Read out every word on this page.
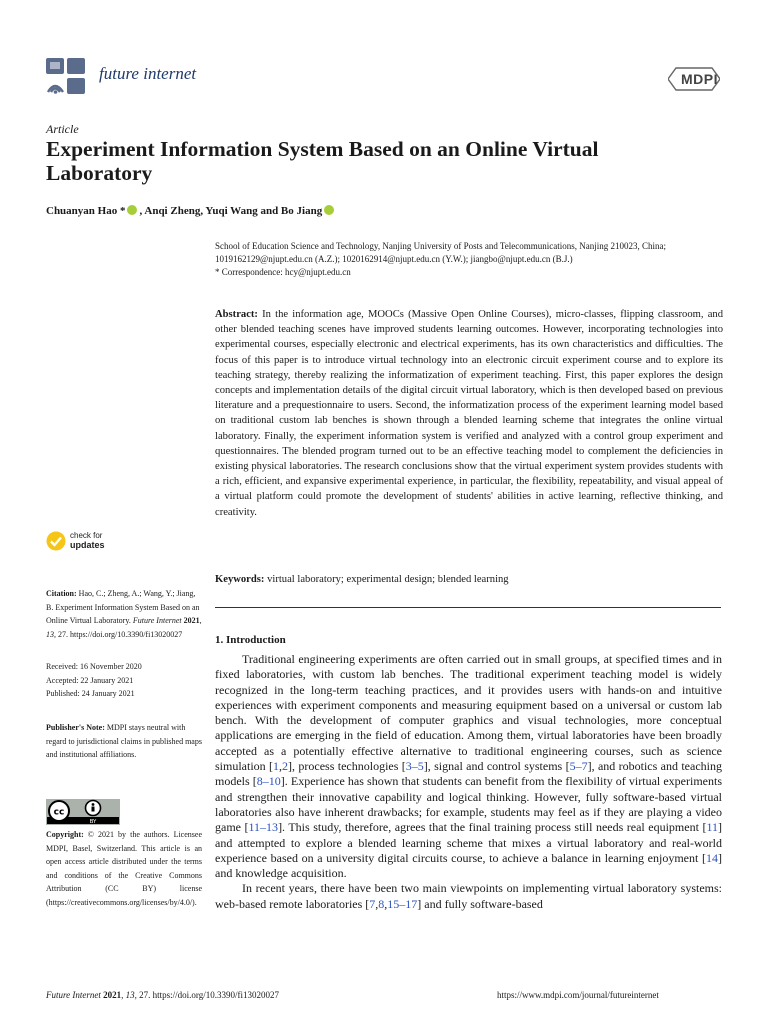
future internet	MDPI
Article
Experiment Information System Based on an Online Virtual Laboratory
Chuanyan Hao * , Anqi Zheng, Yuqi Wang and Bo Jiang
School of Education Science and Technology, Nanjing University of Posts and Telecommunications, Nanjing 210023, China; 1019162129@njupt.edu.cn (A.Z.); 1020162914@njupt.edu.cn (Y.W.); jiangbo@njupt.edu.cn (B.J.)
* Correspondence: hcy@njupt.edu.cn
Abstract: In the information age, MOOCs (Massive Open Online Courses), micro-classes, flipping classroom, and other blended teaching scenes have improved students learning outcomes. However, incorporating technologies into experimental courses, especially electronic and electrical experiments, has its own characteristics and difficulties. The focus of this paper is to introduce virtual technology into an electronic circuit experiment course and to explore its teaching strategy, thereby realizing the informatization of experiment teaching. First, this paper explores the design concepts and implementation details of the digital circuit virtual laboratory, which is then developed based on previous literature and a prequestionnaire to users. Second, the informatization process of the experiment learning model based on traditional custom lab benches is shown through a blended learning scheme that integrates the online virtual laboratory. Finally, the experiment information system is verified and analyzed with a control group experiment and questionnaires. The blended program turned out to be an effective teaching model to complement the deficiencies in existing physical laboratories. The research conclusions show that the virtual experiment system provides students with a rich, efficient, and expansive experimental experience, in particular, the flexibility, repeatability, and visual appeal of a virtual platform could promote the development of students' abilities in active learning, reflective thinking, and creativity.
Keywords: virtual laboratory; experimental design; blended learning
1. Introduction

Traditional engineering experiments are often carried out in small groups, at specified times and in fixed laboratories, with custom lab benches. The traditional experiment teaching model is widely recognized in the long-term teaching practices, and it provides users with hands-on and intuitive experiences with experiment components and measuring equipment based on a universal or custom lab bench. With the development of computer graphics and visual technologies, more conceptual applications are emerging in the field of education. Among them, virtual laboratories have been broadly accepted as a potentially effective alternative to traditional engineering courses, such as science simulation [1,2], process technologies [3–5], signal and control systems [5–7], and robotics and teaching models [8–10]. Experience has shown that students can benefit from the flexibility of virtual experiments and strengthen their innovative capability and logical thinking. However, fully software-based virtual laboratories also have inherent drawbacks; for example, students may feel as if they are playing a video game [11–13]. This study, therefore, agrees that the final training process still needs real equipment [11] and attempted to explore a blended learning scheme that mixes a virtual laboratory and real-world experience based on a university digital circuits course, to achieve a balance in learning enjoyment [14] and knowledge acquisition.

In recent years, there have been two main viewpoints on implementing virtual laboratory systems: web-based remote laboratories [7,8,15–17] and fully software-based

check for
updates
Citation: Hao, C.; Zheng, A.; Wang, Y.; Jiang, B. Experiment Information System Based on an Online Virtual Laboratory. Future Internet 2021, 13, 27. https://doi.org/10.3390/fi13020027
Received: 16 November 2020
Accepted: 22 January 2021
Published: 24 January 2021
Publisher's Note: MDPI stays neutral with regard to jurisdictional claims in published maps and institutional affiliations.
cc
BY
Copyright: © 2021 by the authors. Licensee MDPI, Basel, Switzerland. This article is an open access article distributed under the terms and conditions of the Creative Commons Attribution (CC BY) license (https://creativecommons.org/licenses/by/4.0/).
Future Internet 2021, 13, 27. https://doi.org/10.3390/fi13020027	https://www.mdpi.com/journal/futureinternet
